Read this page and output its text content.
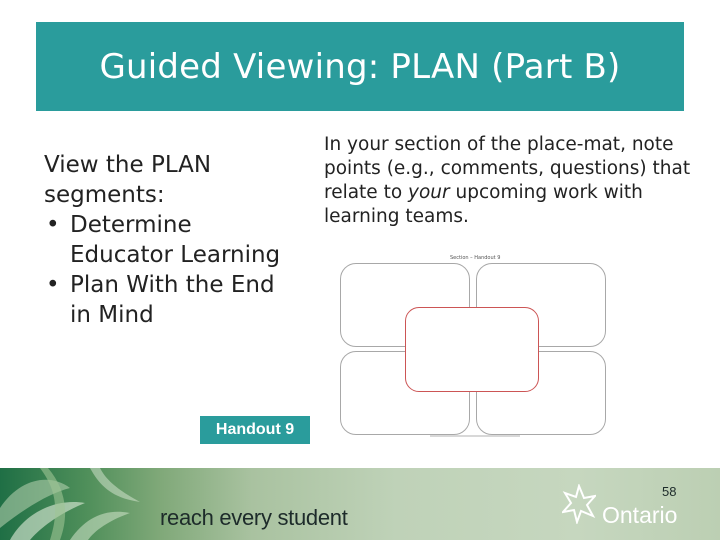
Guided Viewing: PLAN (Part B)

View the PLAN segments:

• Determine Educator Learning
• Plan With the End in Mind
In your section of the place-mat, note points (e.g., comments, questions) that relate to your upcoming work with learning teams.
Section – Handout 9
Handout 9
reach every student
58
Ontario
